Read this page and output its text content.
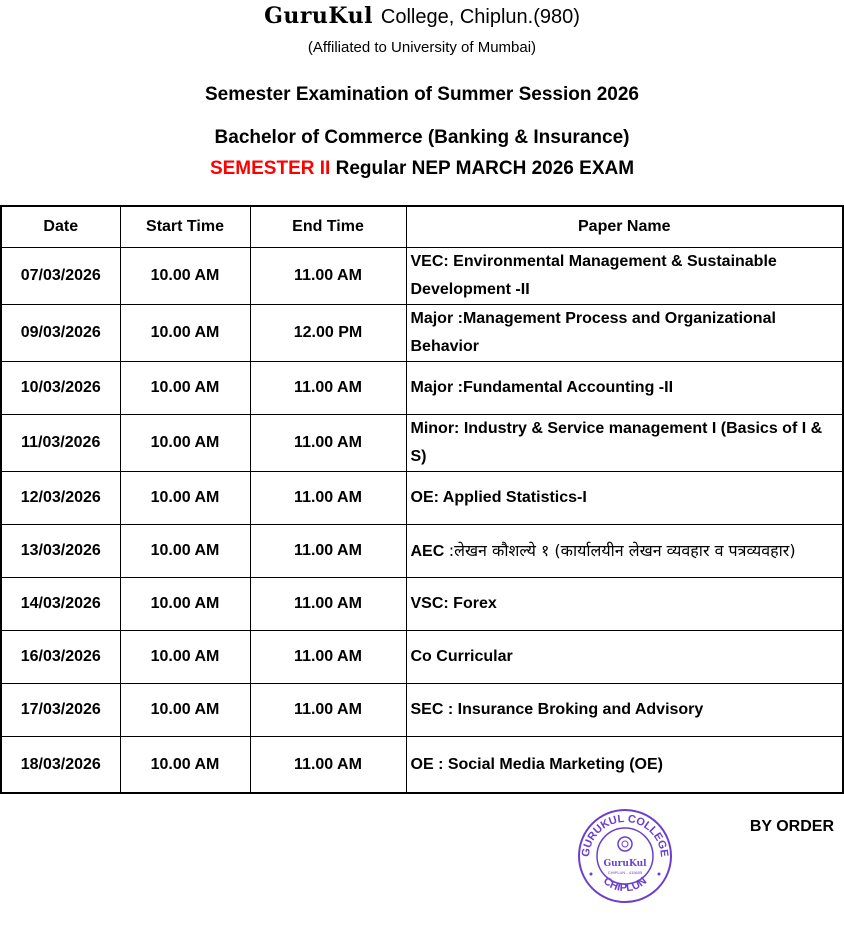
GuruKul College, Chiplun.(980)
(Affiliated to University of Mumbai)
Semester Examination of Summer Session 2026
Bachelor of Commerce (Banking & Insurance)
SEMESTER II Regular NEP MARCH 2026 EXAM
Date	Start Time	End Time	Paper Name
07/03/2026	10.00 AM	11.00 AM	VEC: Environmental Management & Sustainable Development -II
09/03/2026	10.00 AM	12.00 PM	Major :Management Process and Organizational Behavior
10/03/2026	10.00 AM	11.00 AM	Major :Fundamental Accounting -II
11/03/2026	10.00 AM	11.00 AM	Minor: Industry & Service management I (Basics of I & S)
12/03/2026	10.00 AM	11.00 AM	OE: Applied Statistics-I
13/03/2026	10.00 AM	11.00 AM	AEC :लेखन कौशल्ये १ (कार्यालयीन लेखन व्यवहार व पत्रव्यवहार)
14/03/2026	10.00 AM	11.00 AM	VSC: Forex
16/03/2026	10.00 AM	11.00 AM	Co Curricular
17/03/2026	10.00 AM	11.00 AM	SEC : Insurance Broking and Advisory
18/03/2026	10.00 AM	11.00 AM	OE : Social Media Marketing (OE)
BY ORDER
GURUKUL COLLEGE
CHIPLUN
GuruKul
CHIPLUN - 415605
